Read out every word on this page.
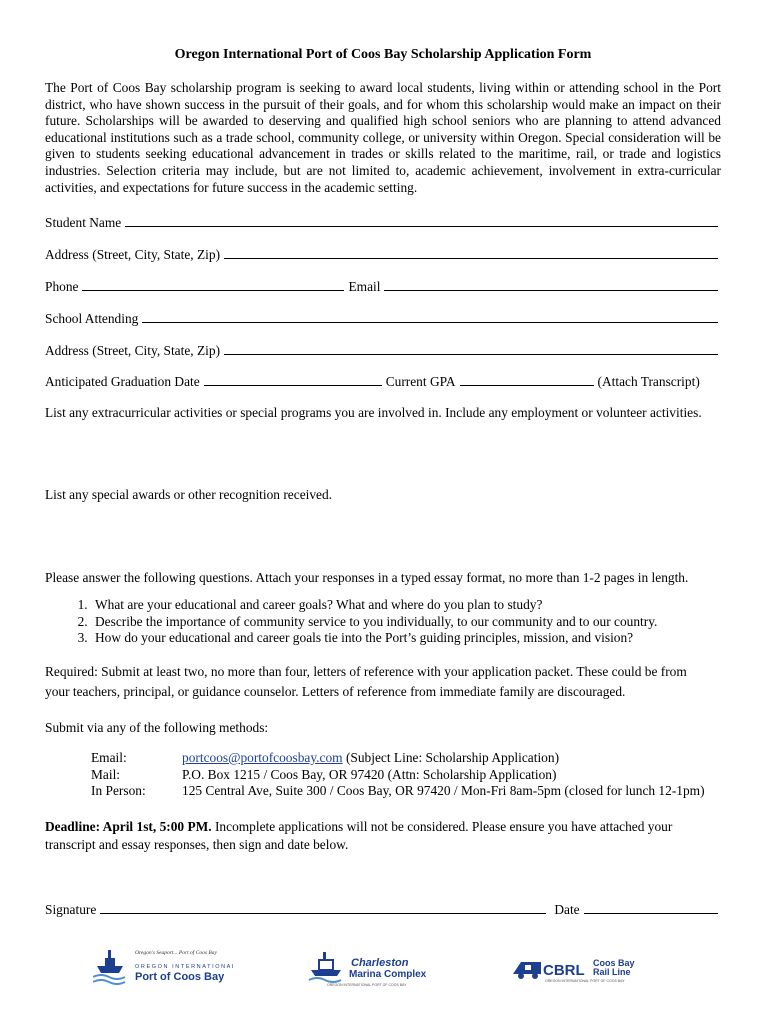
Oregon International Port of Coos Bay Scholarship Application Form
The Port of Coos Bay scholarship program is seeking to award local students, living within or attending school in the Port district, who have shown success in the pursuit of their goals, and for whom this scholarship would make an impact on their future. Scholarships will be awarded to deserving and qualified high school seniors who are planning to attend advanced educational institutions such as a trade school, community college, or university within Oregon. Special consideration will be given to students seeking educational advancement in trades or skills related to the maritime, rail, or trade and logistics industries. Selection criteria may include, but are not limited to, academic achievement, involvement in extra-curricular activities, and expectations for future success in the academic setting.
Student Name
Address (Street, City, State, Zip)
Phone	Email
School Attending
Address (Street, City, State, Zip)
Anticipated Graduation Date	Current GPA	(Attach Transcript)
List any extracurricular activities or special programs you are involved in. Include any employment or volunteer activities.
List any special awards or other recognition received.
Please answer the following questions. Attach your responses in a typed essay format, no more than 1-2 pages in length.
1. What are your educational and career goals? What and where do you plan to study?
2. Describe the importance of community service to you individually, to our community and to our country.
3. How do your educational and career goals tie into the Port’s guiding principles, mission, and vision?
Required: Submit at least two, no more than four, letters of reference with your application packet. These could be from your teachers, principal, or guidance counselor. Letters of reference from immediate family are discouraged.
Submit via any of the following methods:
Email:	portcoos@portofcoosbay.com (Subject Line: Scholarship Application)
Mail:	P.O. Box 1215 / Coos Bay, OR 97420 (Attn: Scholarship Application)
In Person:	125 Central Ave, Suite 300 / Coos Bay, OR 97420 / Mon-Fri 8am-5pm (closed for lunch 12-1pm)
Deadline: April 1st, 5:00 PM. Incomplete applications will not be considered. Please ensure you have attached your transcript and essay responses, then sign and date below.
Signature	Date
Oregon's Seaport... Port of Coos Bay
OREGON INTERNATIONAL
Port of Coos Bay
Charleston
Marina Complex
OREGON INTERNATIONAL PORT OF COOS BAY
CBRL Coos Bay
Rail Line
OREGON INTERNATIONAL PORT OF COOS BAY
